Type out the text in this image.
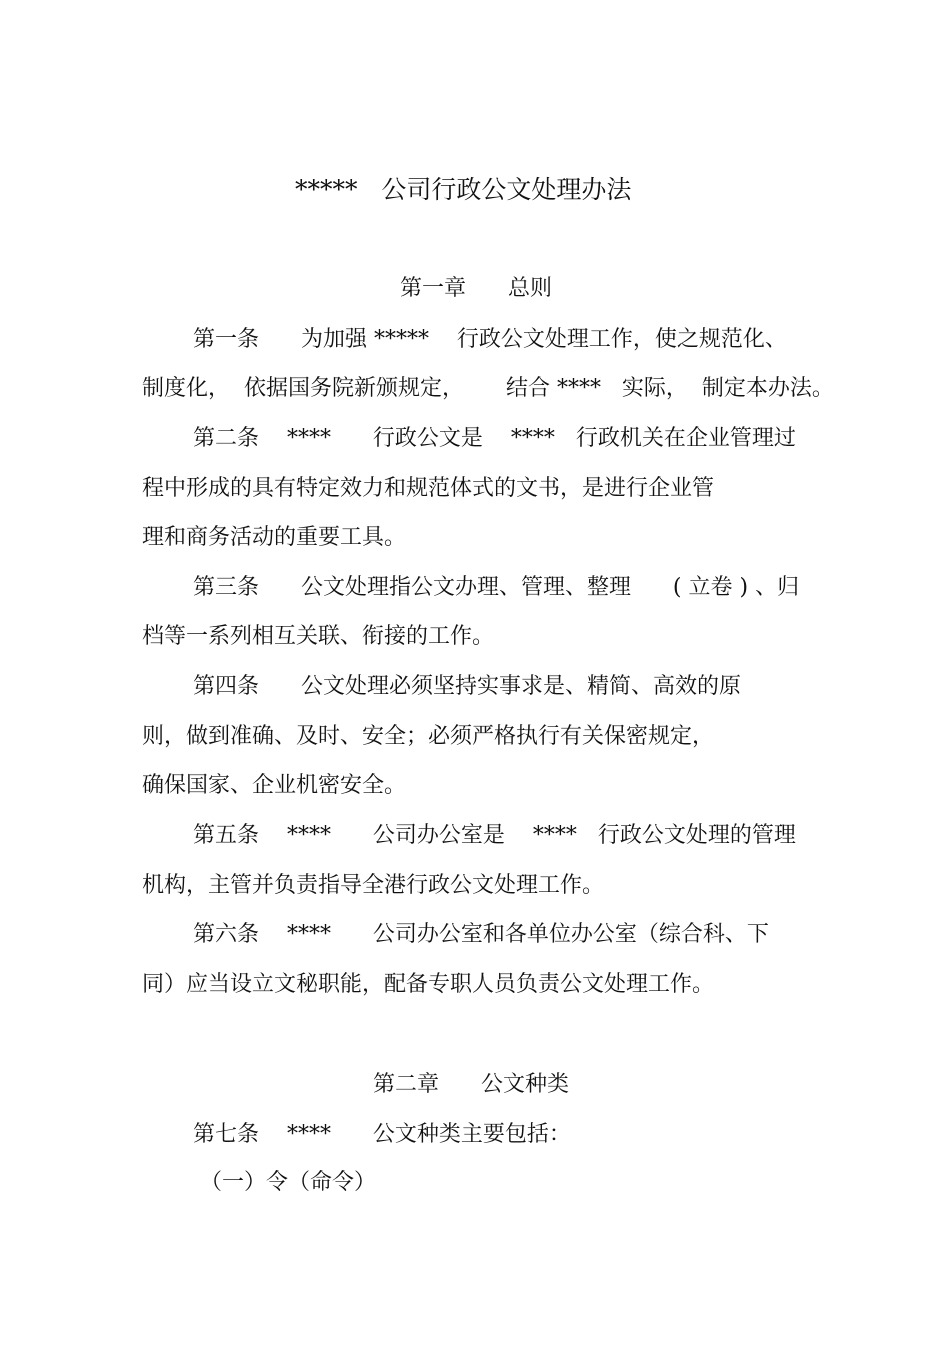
*****   公司行政公文处理办法
第一章      总则
第一条      为加强 *****    行政公文处理工作，使之规范化、
制度化，  依据国务院新颁规定，      结合 ****   实际，  制定本办法。
第二条    ****      行政公文是    ****   行政机关在企业管理过
程中形成的具有特定效力和规范体式的文书，是进行企业管
理和商务活动的重要工具。
第三条      公文处理指公文办理、管理、整理      ( 立卷 ) 、归
档等一系列相互关联、衔接的工作。
第四条      公文处理必须坚持实事求是、精简、高效的原
则，做到准确、及时、安全；必须严格执行有关保密规定，
确保国家、企业机密安全。
第五条    ****      公司办公室是    ****   行政公文处理的管理
机构，主管并负责指导全港行政公文处理工作。
第六条    ****      公司办公室和各单位办公室（综合科、下
同）应当设立文秘职能，配备专职人员负责公文处理工作。
第二章      公文种类
第七条    ****      公文种类主要包括：
（一）令（命令）
